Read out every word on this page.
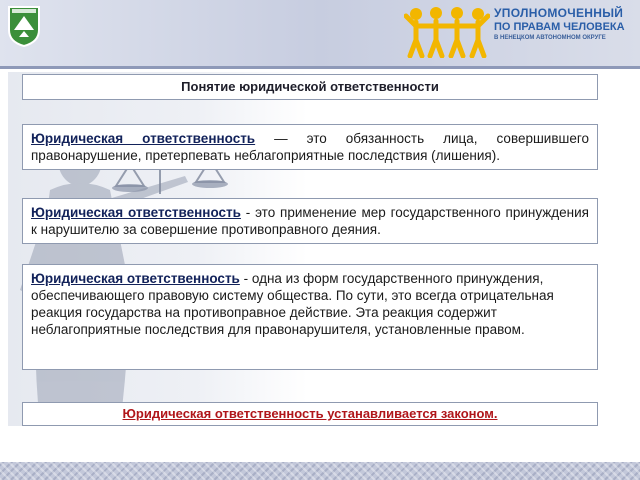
УПОЛНОМОЧЕННЫЙ
ПО ПРАВАМ ЧЕЛОВЕКА
В НЕНЕЦКОМ АВТОНОМНОМ ОКРУГЕ
Понятие юридической ответственности

Юридическая ответственность — это обязанность лица, совершившего правонарушение, претерпевать неблагоприятные последствия (лишения).

Юридическая ответственность - это применение мер государственного принуждения к нарушителю за совершение противоправного деяния.

Юридическая ответственность - одна из форм государственного принуждения, обеспечивающего правовую систему общества. По сути, это всегда отрицательная реакция государства на противоправное действие. Эта реакция содержит неблагоприятные последствия для правонарушителя, установленные правом.

Юридическая ответственность устанавливается законом.
